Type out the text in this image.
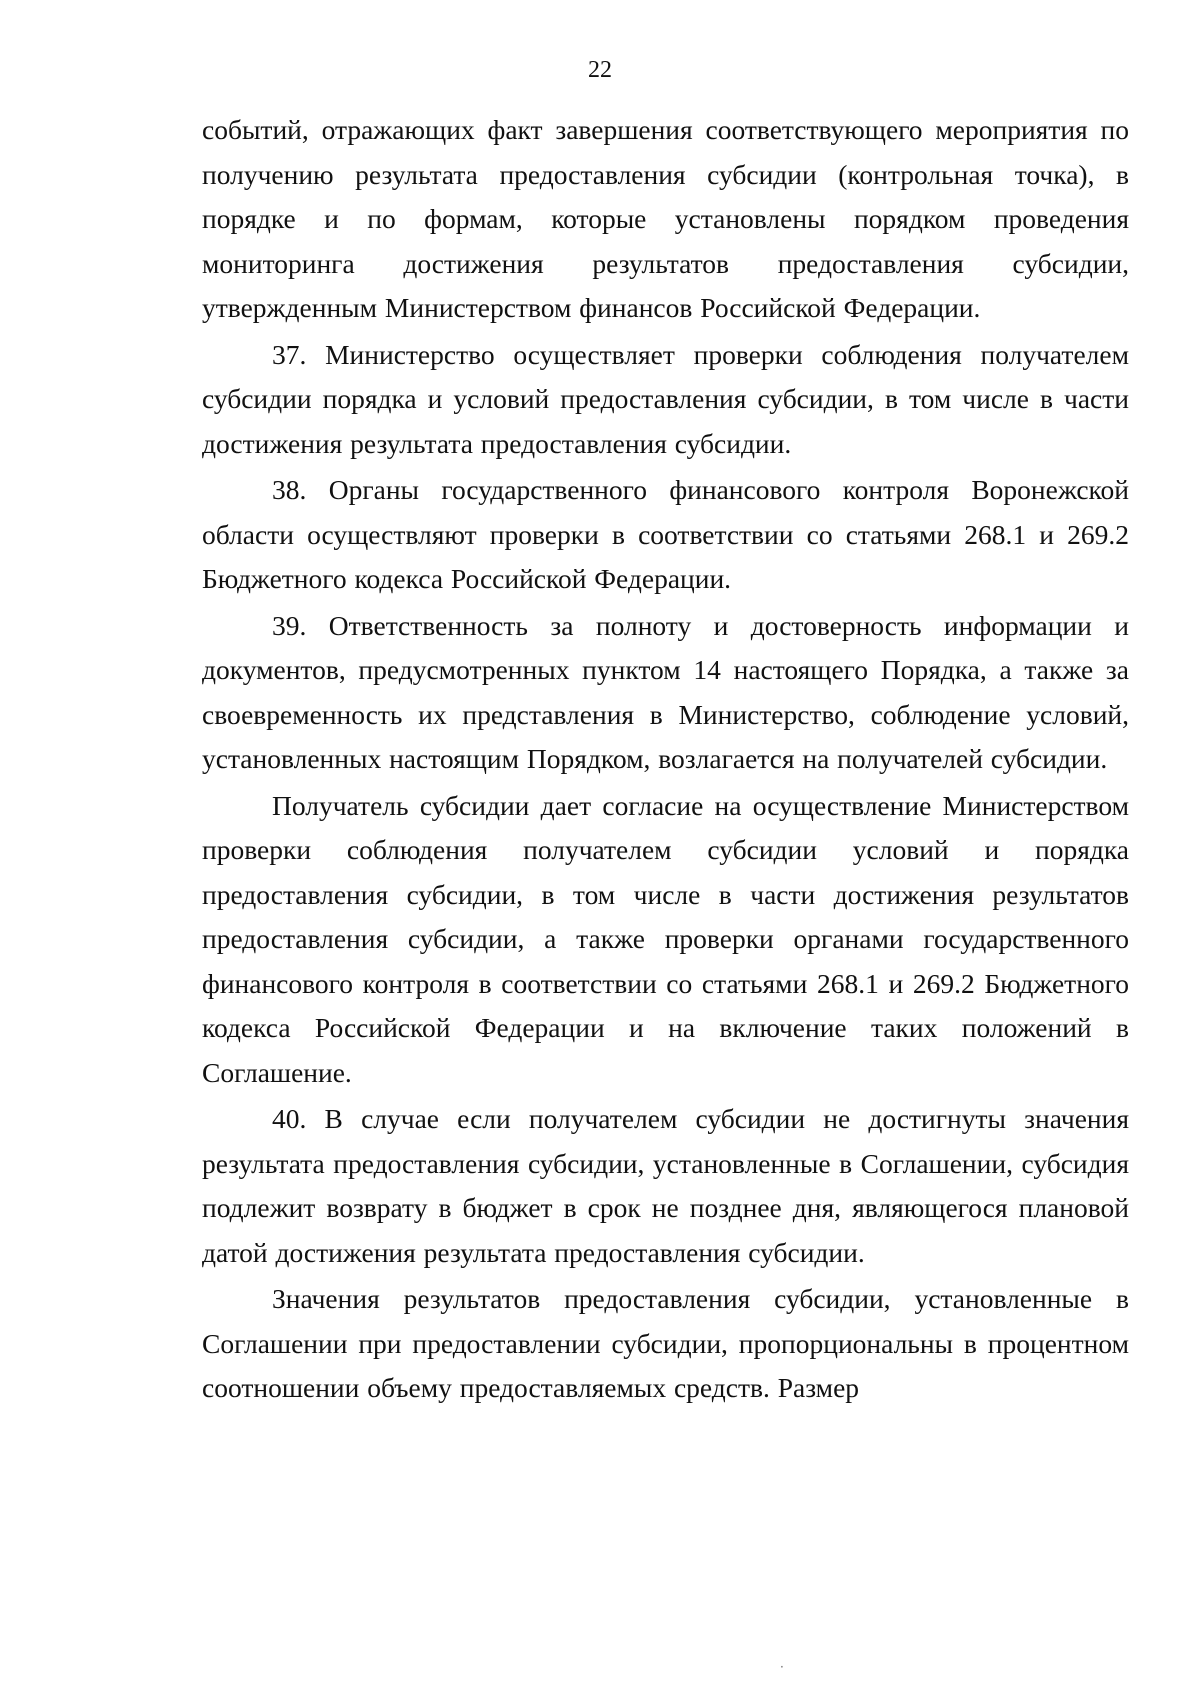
22

событий, отражающих факт завершения соответствующего мероприятия по получению результата предоставления субсидии (контрольная точка), в порядке и по формам, которые установлены порядком проведения мониторинга достижения результатов предоставления субсидии, утвержденным Министерством финансов Российской Федерации.

37. Министерство осуществляет проверки соблюдения получателем субсидии порядка и условий предоставления субсидии, в том числе в части достижения результата предоставления субсидии.

38. Органы государственного финансового контроля Воронежской области осуществляют проверки в соответствии со статьями 268.1 и 269.2 Бюджетного кодекса Российской Федерации.

39. Ответственность за полноту и достоверность информации и документов, предусмотренных пунктом 14 настоящего Порядка, а также за своевременность их представления в Министерство, соблюдение условий, установленных настоящим Порядком, возлагается на получателей субсидии.

Получатель субсидии дает согласие на осуществление Министерством проверки соблюдения получателем субсидии условий и порядка предоставления субсидии, в том числе в части достижения результатов предоставления субсидии, а также проверки органами государственного финансового контроля в соответствии со статьями 268.1 и 269.2 Бюджетного кодекса Российской Федерации и на включение таких положений в Соглашение.

40. В случае если получателем субсидии не достигнуты значения результата предоставления субсидии, установленные в Соглашении, субсидия подлежит возврату в бюджет в срок не позднее дня, являющегося плановой датой достижения результата предоставления субсидии.

Значения результатов предоставления субсидии, установленные в Соглашении при предоставлении субсидии, пропорциональны в процентном соотношении объему предоставляемых средств. Размер

·
